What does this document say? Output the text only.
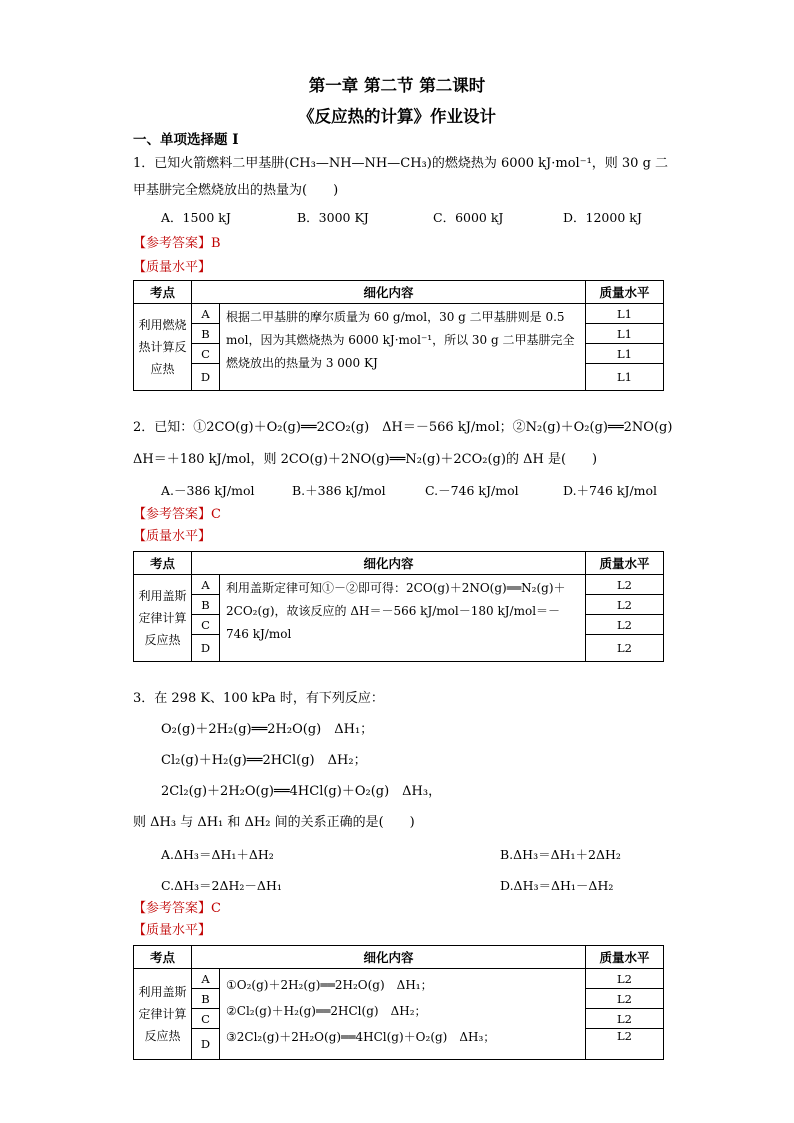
第一章 第二节 第二课时
《反应热的计算》作业设计
一、单项选择题 I
1．已知火箭燃料二甲基肼(CH₃—NH—NH—CH₃)的燃烧热为 6000 kJ·mol⁻¹，则 30 g 二
甲基肼完全燃烧放出的热量为(　　)
A．1500 kJ	B．3000 KJ	C．6000 kJ	D．12000 kJ
【参考答案】B
【质量水平】
考点	细化内容		质量水平
利用燃烧热计算反应热	A	根据二甲基肼的摩尔质量为 60 g/mol，30 g 二甲基肼则是 0.5 mol，因为其燃烧热为 6000 kJ·mol⁻¹，所以 30 g 二甲基肼完全燃烧放出的热量为 3 000 KJ	L1
	B		L1
	C		L1
	D		L1
2．已知：①2CO(g)＋O₂(g)══2CO₂(g)　ΔH＝－566 kJ/mol；②N₂(g)＋O₂(g)══2NO(g)
ΔH＝＋180 kJ/mol，则 2CO(g)＋2NO(g)══N₂(g)＋2CO₂(g)的 ΔH 是(　　)
A.－386 kJ/mol	B.＋386 kJ/mol	C.－746 kJ/mol	D.＋746 kJ/mol
【参考答案】C
【质量水平】
考点	细化内容		质量水平
利用盖斯定律计算反应热	A	利用盖斯定律可知①－②即可得：2CO(g)＋2NO(g)══N₂(g)＋2CO₂(g)，故该反应的 ΔH＝－566 kJ/mol－180 kJ/mol＝－746 kJ/mol	L2
	B		L2
	C		L2
	D		L2
3．在 298 K、100 kPa 时，有下列反应：
O₂(g)＋2H₂(g)══2H₂O(g)　ΔH₁；
Cl₂(g)＋H₂(g)══2HCl(g)　ΔH₂；
2Cl₂(g)＋2H₂O(g)══4HCl(g)＋O₂(g)　ΔH₃，
则 ΔH₃ 与 ΔH₁ 和 ΔH₂ 间的关系正确的是(　　)
A.ΔH₃＝ΔH₁＋ΔH₂	B.ΔH₃＝ΔH₁＋2ΔH₂
C.ΔH₃＝2ΔH₂－ΔH₁	D.ΔH₃＝ΔH₁－ΔH₂
【参考答案】C
【质量水平】
考点	细化内容		质量水平
利用盖斯定律计算反应热	A	①O₂(g)＋2H₂(g)══2H₂O(g)　ΔH₁；
②Cl₂(g)＋H₂(g)══2HCl(g)　ΔH₂；
③2Cl₂(g)＋2H₂O(g)══4HCl(g)＋O₂(g)　ΔH₃；	L2
	B		L2
	C		L2
	D		L2
